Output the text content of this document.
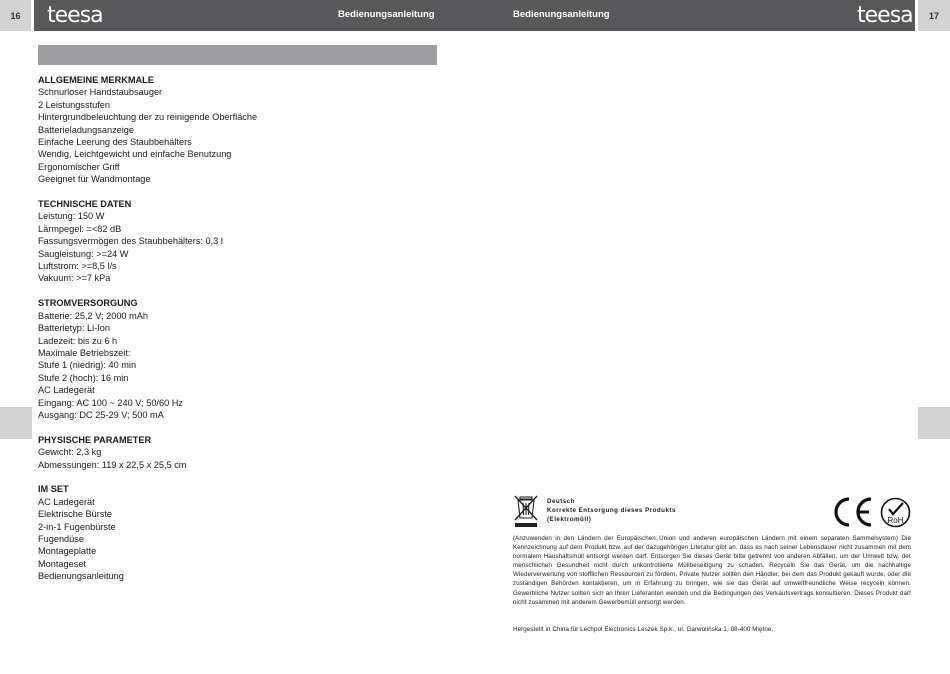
16	teesa	Bedienungsanleitung	Bedienungsanleitung	teesa	17
ALLGEMEINE MERKMALE
Schnurloser Handstaubsauger
2 Leistungsstufen
Hintergrundbeleuchtung der zu reinigende Oberfläche
Batterieladungsanzeige
Einfache Leerung des Staubbehälters
Wendig, Leichtgewicht und einfache Benutzung
Ergonomischer Griff
Geeignet für Wandmontage
TECHNISCHE DATEN
Leistung: 150 W
Lärmpegel: =<82 dB
Fassungsvermögen des Staubbehälters: 0,3 l
Saugleistung: >=24 W
Luftstrom: >=8,5 l/s
Vakuum: >=7 kPa
STROMVERSORGUNG
Batterie: 25,2 V; 2000 mAh
Batterietyp: Li-Ion
Ladezeit: bis zu 6 h
Maximale Betriebszeit:
Stufe 1 (niedrig): 40 min
Stufe 2 (hoch): 16 min
AC Ladegerät
Eingang: AC 100 ~ 240 V; 50/60 Hz
Ausgang: DC 25-29 V; 500 mA
PHYSISCHE PARAMETER
Gewicht: 2,3 kg
Abmessungen: 119 x 22,5 x 25,5 cm
IM SET
AC Ladegerät
Elektrische Bürste
2-in-1 Fugenbürste
Fugendüse
Montageplatte
Montageset
Bedienungsanleitung
Deutsch
Korrekte Entsorgung dieses Produkts
(Elektromüll)
CE
RoH
(Anzuwenden in den Ländern der Europäischen Union und anderen europäischen Ländern mit einem separaten Sammelsystem) Die Kennzeichnung auf dem Produkt bzw. auf der dazugehörigen Literatur gibt an, dass es nach seiner Lebensdauer nicht zusammen mit dem normalem Haushaltsmüll entsorgt werden darf. Entsorgen Sie dieses Gerät bitte getrennt von anderen Abfällen, um der Umwelt bzw. der menschlichen Gesundheit nicht durch unkontrollierte Müllbeseitigung zu schaden. Recyceln Sie das Gerät, um die nachhaltige Wiederverwertung von stofflichen Ressourcen zu fördern. Private Nutzer sollten den Händler, bei dem das Produkt gekauft wurde, oder die zuständigen Behörden kontaktieren, um in Erfahrung zu bringen, wie sie das Gerät auf umweltfreundliche Weise recyceln können. Gewerbliche Nutzer sollten sich an Ihren Lieferanten wenden und die Bedingungen des Verkaufsvertrags konsultieren. Dieses Produkt darf nicht zusammen mit anderem Gewerbemüll entsorgt werden.
Hergestellt in China für Lechpol Electronics Leszek Sp.k., ul. Garwolińska 1, 08-400 Miętne.
